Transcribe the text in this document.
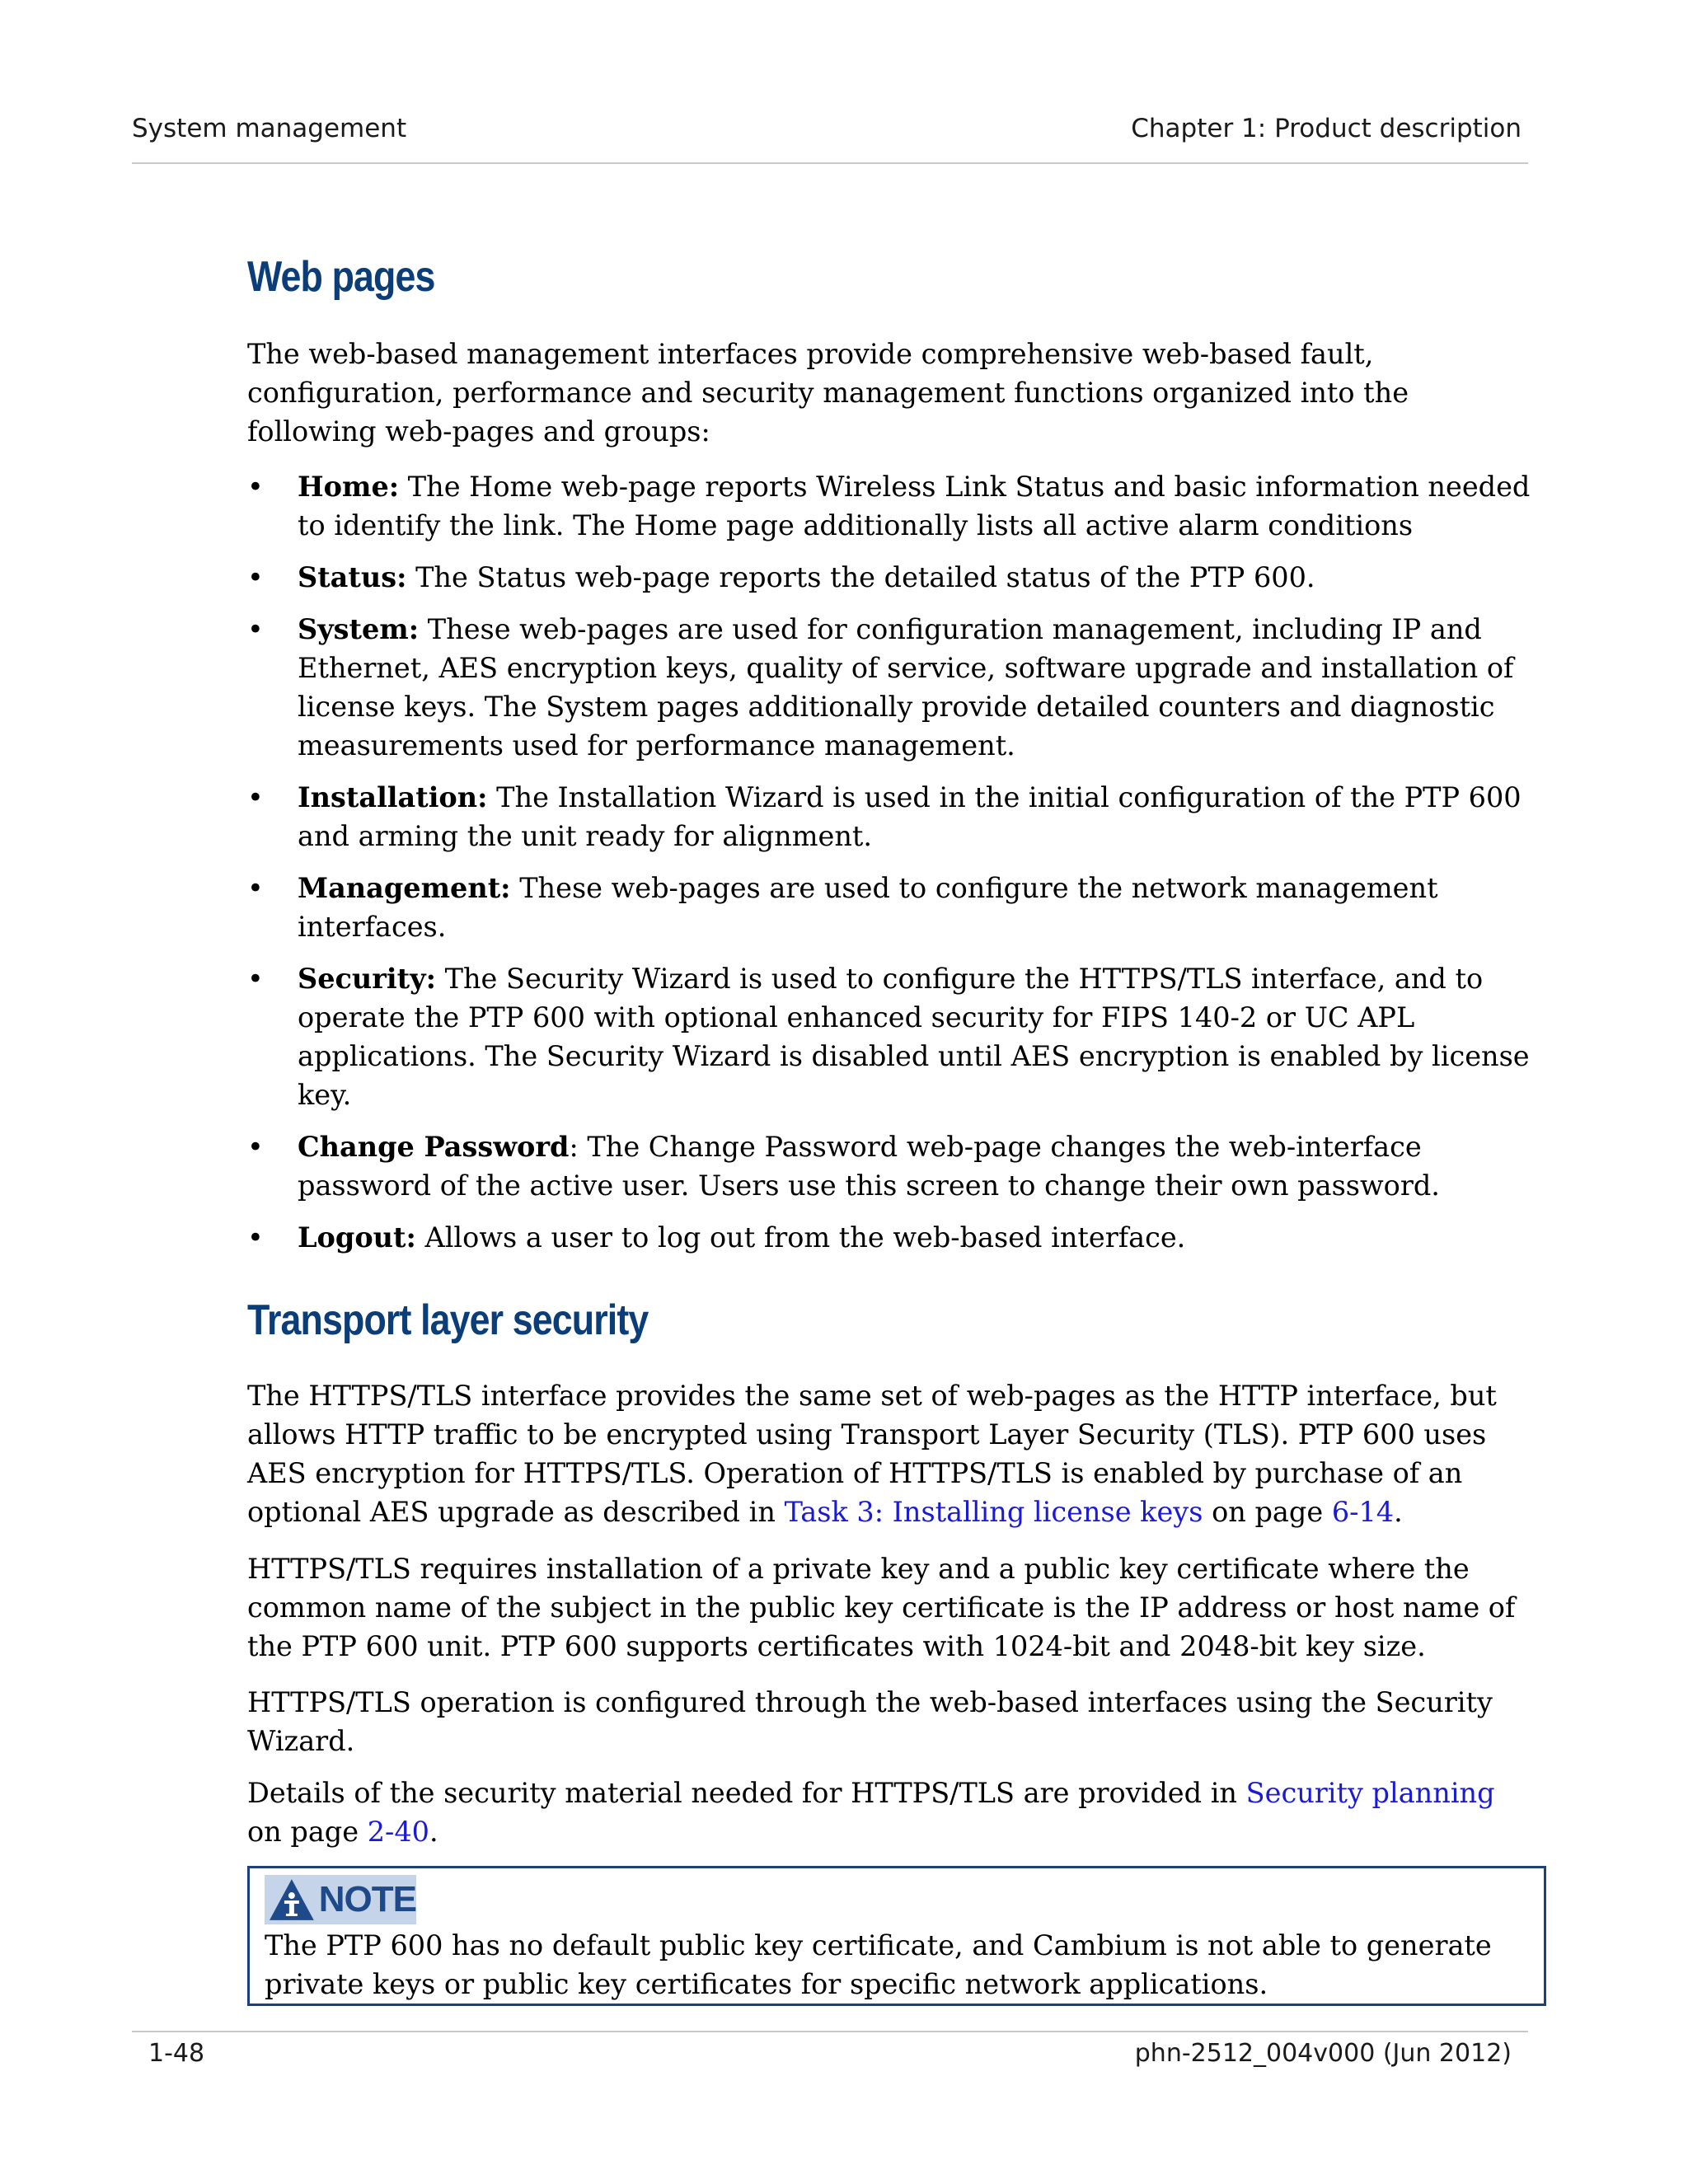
System management	Chapter 1: Product description
Web pages

The web-based management interfaces provide comprehensive web-based fault, configuration, performance and security management functions organized into the following web-pages and groups:

• Home: The Home web-page reports Wireless Link Status and basic information needed to identify the link. The Home page additionally lists all active alarm conditions
• Status: The Status web-page reports the detailed status of the PTP 600.
• System: These web-pages are used for configuration management, including IP and Ethernet, AES encryption keys, quality of service, software upgrade and installation of license keys. The System pages additionally provide detailed counters and diagnostic measurements used for performance management.
• Installation: The Installation Wizard is used in the initial configuration of the PTP 600 and arming the unit ready for alignment.
• Management: These web-pages are used to configure the network management interfaces.
• Security: The Security Wizard is used to configure the HTTPS/TLS interface, and to operate the PTP 600 with optional enhanced security for FIPS 140-2 or UC APL applications. The Security Wizard is disabled until AES encryption is enabled by license key.
• Change Password: The Change Password web-page changes the web-interface password of the active user. Users use this screen to change their own password.
• Logout: Allows a user to log out from the web-based interface.
Transport layer security

The HTTPS/TLS interface provides the same set of web-pages as the HTTP interface, but allows HTTP traffic to be encrypted using Transport Layer Security (TLS). PTP 600 uses AES encryption for HTTPS/TLS. Operation of HTTPS/TLS is enabled by purchase of an optional AES upgrade as described in Task 3: Installing license keys on page 6-14.

HTTPS/TLS requires installation of a private key and a public key certificate where the common name of the subject in the public key certificate is the IP address or host name of the PTP 600 unit. PTP 600 supports certificates with 1024-bit and 2048-bit key size.

HTTPS/TLS operation is configured through the web-based interfaces using the Security Wizard.

Details of the security material needed for HTTPS/TLS are provided in Security planning on page 2-40.

NOTE

The PTP 600 has no default public key certificate, and Cambium is not able to generate private keys or public key certificates for specific network applications.

1-48	phn-2512_004v000 (Jun 2012)
